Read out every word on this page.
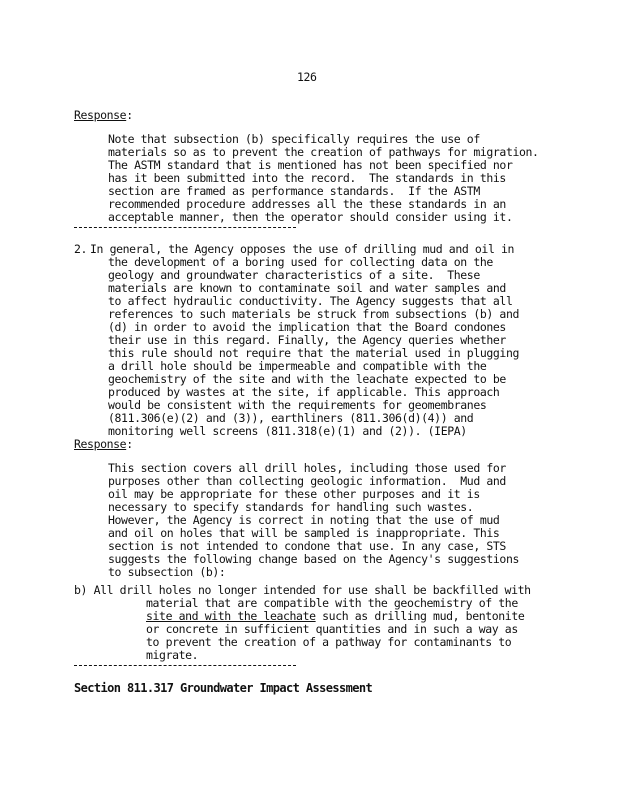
126
Response:
Note that subsection (b) specifically requires the use of
materials so as to prevent the creation of pathways for migration.
The ASTM standard that is mentioned has not been specified nor
has it been submitted into the record.  The standards in this
section are framed as performance standards.  If the ASTM
recommended procedure addresses all the these standards in an
acceptable manner, then the operator should consider using it.
2. In general, the Agency opposes the use of drilling mud and oil in
the development of a boring used for collecting data on the
geology and groundwater characteristics of a site.  These
materials are known to contaminate soil and water samples and
to affect hydraulic conductivity. The Agency suggests that all
references to such materials be struck from subsections (b) and
(d) in order to avoid the implication that the Board condones
their use in this regard. Finally, the Agency queries whether
this rule should not require that the material used in plugging
a drill hole should be impermeable and compatible with the
geochemistry of the site and with the leachate expected to be
produced by wastes at the site, if applicable. This approach
would be consistent with the requirements for geomembranes
(811.306(e)(2) and (3)), earthliners (811.306(d)(4)) and
monitoring well screens (811.318(e)(1) and (2)). (IEPA)
Response:
This section covers all drill holes, including those used for
purposes other than collecting geologic information.  Mud and
oil may be appropriate for these other purposes and it is
necessary to specify standards for handling such wastes.
However, the Agency is correct in noting that the use of mud
and oil on holes that will be sampled is inappropriate. This
section is not intended to condone that use. In any case, STS
suggests the following change based on the Agency's suggestions
to subsection (b):
b) All drill holes no longer intended for use shall be backfilled with
material that are compatible with the geochemistry of the
site and with the leachate such as drilling mud, bentonite
or concrete in sufficient quantities and in such a way as
to prevent the creation of a pathway for contaminants to
migrate.
Section 811.317 Groundwater Impact Assessment
